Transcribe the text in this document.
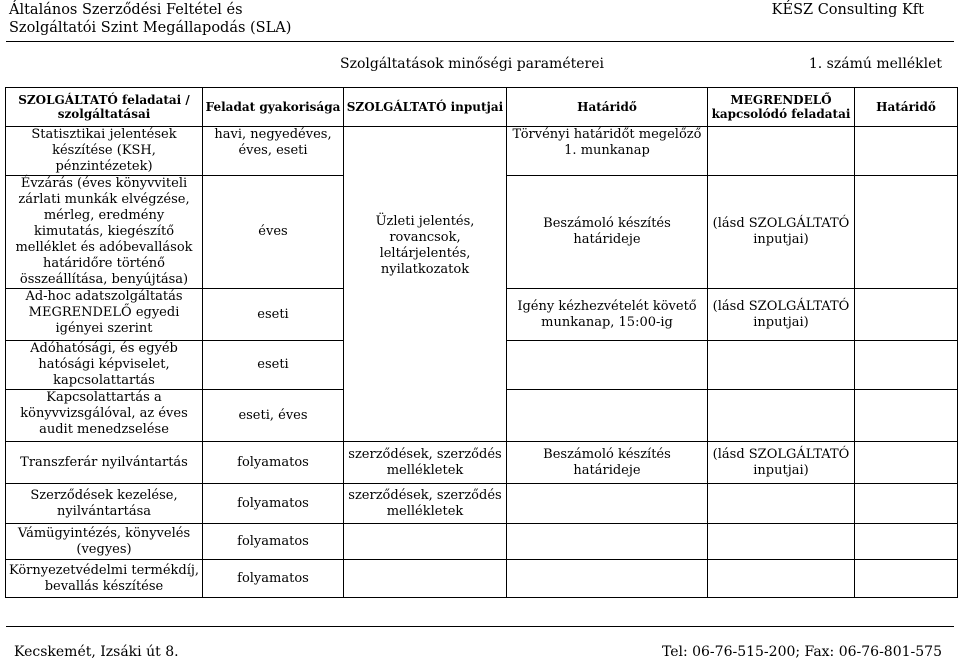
Általános Szerződési Feltétel és
Szolgáltatói Szint Megállapodás (SLA)
KÉSZ Consulting Kft
Szolgáltatások minőségi paraméterei	1. számú melléklet
SZOLGÁLTATÓ feladatai / szolgáltatásai	Feladat gyakorisága	SZOLGÁLTATÓ inputjai	Határidő	MEGRENDELŐ kapcsolódó feladatai	Határidő
Statisztikai jelentések készítése (KSH, pénzintézetek)	havi, negyedéves, éves, eseti	Üzleti jelentés, rovancsok, leltárjelentés, nyilatkozatok	Törvényi határidőt megelőző 1. munkanap		
Évzárás (éves könyvviteli zárlati munkák elvégzése, mérleg, eredmény kimutatás, kiegészítő melléklet és adóbevallások határidőre történő összeállítása, benyújtása)	éves		Beszámoló készítés határideje	(lásd SZOLGÁLTATÓ inputjai)	
Ad-hoc adatszolgáltatás MEGRENDELŐ egyedi igényei szerint	eseti		Igény kézhezvételét követő munkanap, 15:00-ig	(lásd SZOLGÁLTATÓ inputjai)	
Adóhatósági, és egyéb hatósági képviselet, kapcsolattartás	eseti				
Kapcsolattartás a könyvvizsgálóval, az éves audit menedzselése	eseti, éves				
Transzferár nyilvántartás	folyamatos	szerződések, szerződés mellékletek	Beszámoló készítés határideje	(lásd SZOLGÁLTATÓ inputjai)	
Szerződések kezelése, nyilvántartása	folyamatos	szerződések, szerződés mellékletek			
Vámügyintézés, könyvelés (vegyes)	folyamatos				
Környezetvédelmi termékdíj, bevallás készítése	folyamatos				
Kecskemét, Izsáki út 8.	Tel: 06-76-515-200; Fax: 06-76-801-575
